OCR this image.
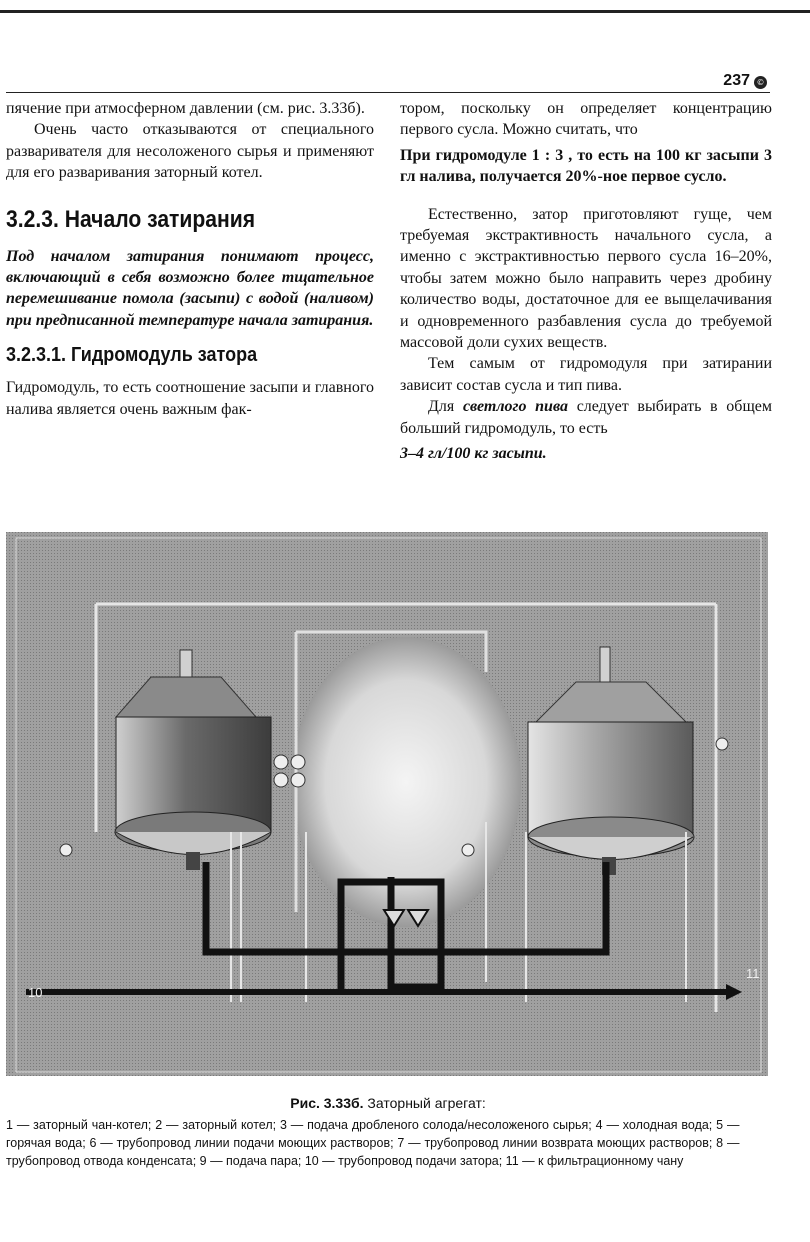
237 ©

пячение при атмосферном давлении (см. рис. 3.33б).

Очень часто отказываются от специального разваривателя для несоложеного сырья и применяют для его разваривания заторный котел.

3.2.3. Начало затирания

Под началом затирания понимают процесс, включающий в себя возможно более тщательное перемешивание помола (засыпи) с водой (наливом) при предписанной температуре начала затирания.

3.2.3.1. Гидромодуль затора

Гидромодуль, то есть соотношение засыпи и главного налива является очень важным фак-

тором, поскольку он определяет концентрацию первого сусла. Можно считать, что

При гидромодуле 1 : 3 , то есть на 100 кг засыпи 3 гл налива, получается 20%-ное первое сусло.

Естественно, затор приготовляют гуще, чем требуемая экстрактивность начального сусла, а именно с экстрактивностью первого сусла 16–20%, чтобы затем можно было направить через дробину количество воды, достаточное для ее выщелачивания и одновременного разбавления сусла до требуемой массовой доли сухих веществ.

Тем самым от гидромодуля при затирании зависит состав сусла и тип пива.

Для светлого пива следует выбирать в общем больший гидромодуль, то есть

3–4 гл/100 кг засыпи.

10
11
Рис. 3.33б. Заторный агрегат:
1 — заторный чан-котел; 2 — заторный котел; 3 — подача дробленого солода/несоложеного сырья; 4 — холодная вода; 5 — горячая вода; 6 — трубопровод линии подачи моющих растворов; 7 — трубопровод линии возврата моющих растворов; 8 — трубопровод отвода конденсата; 9 — подача пара; 10 — трубопровод подачи затора; 11 — к фильтрационному чану
